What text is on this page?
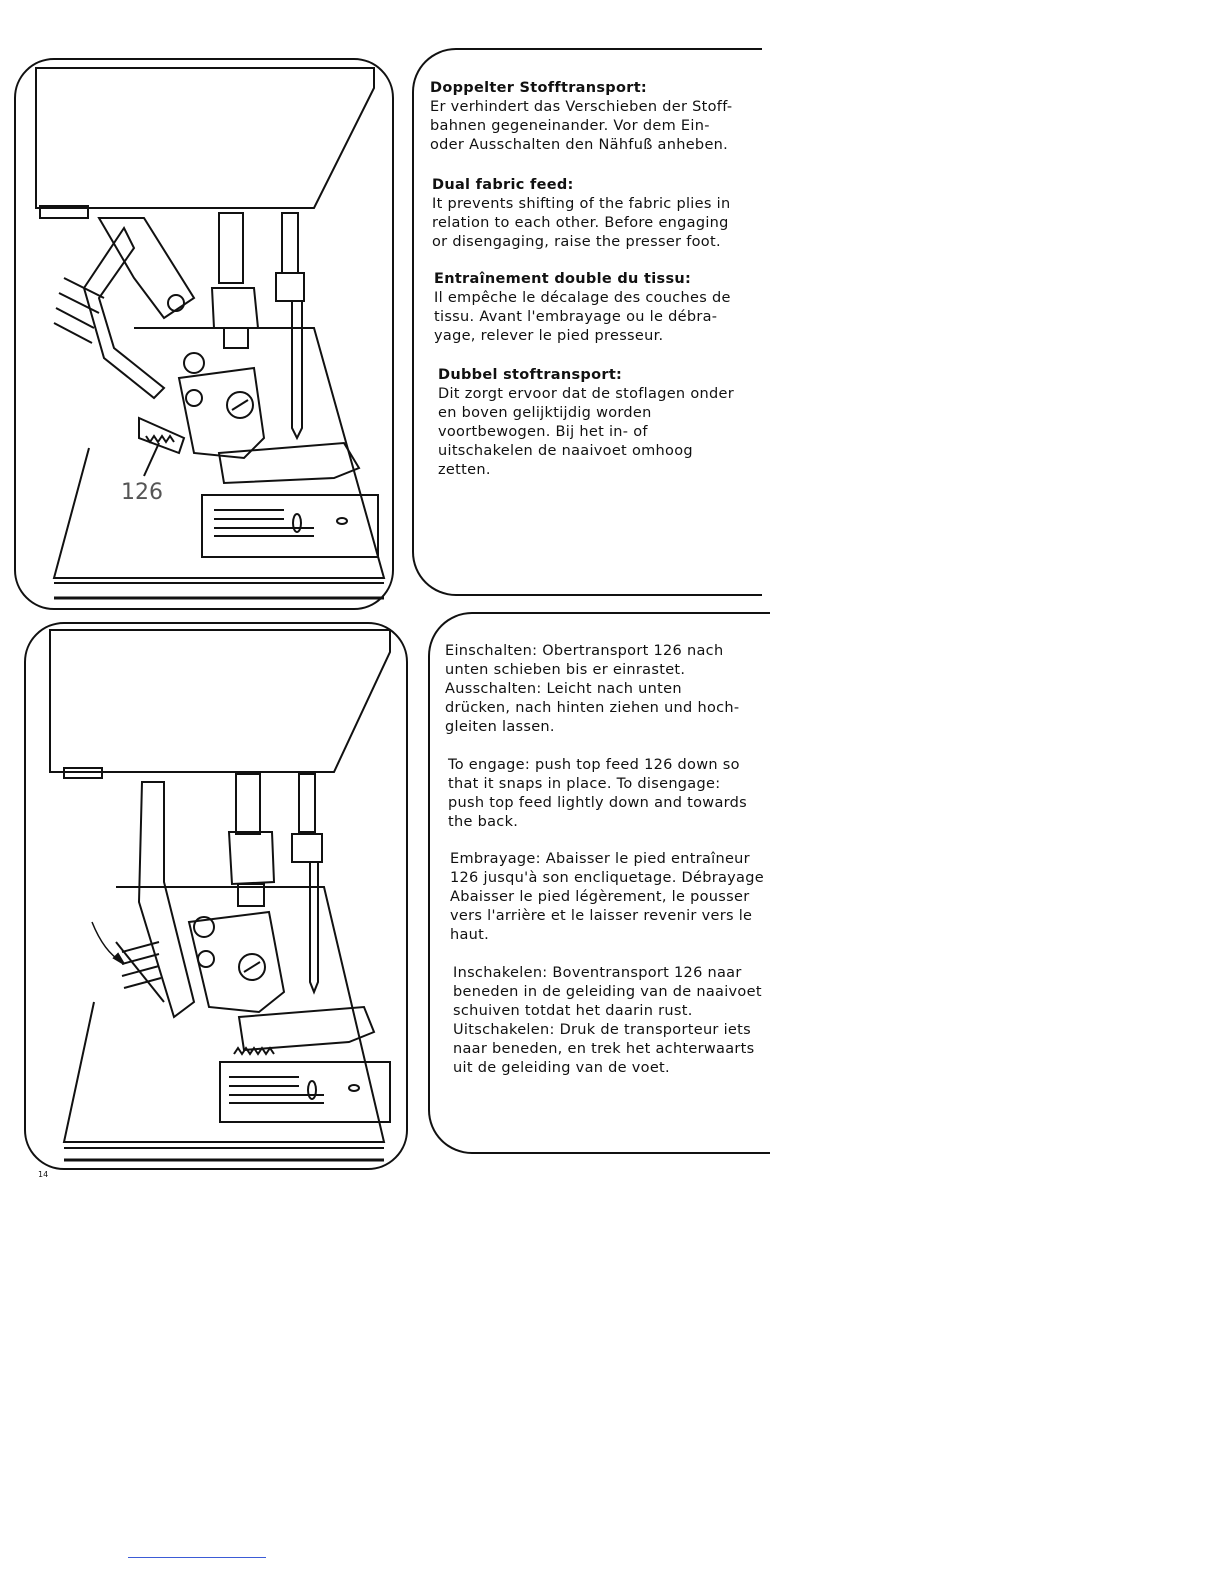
126
Doppelter Stofftransport:
Er verhindert das Verschieben der Stoff-
bahnen gegeneinander. Vor dem Ein-
oder Ausschalten den Nähfuß anheben.
Dual fabric feed:
It prevents shifting of the fabric plies in
relation to each other. Before engaging
or disengaging, raise the presser foot.
Entraînement double du tissu:
Il empêche le décalage des couches de
tissu. Avant l'embrayage ou le débra-
yage, relever le pied presseur.
Dubbel stoftransport:
Dit zorgt ervoor dat de stoflagen onder
en boven gelijktijdig worden
voortbewogen. Bij het in- of
uitschakelen de naaivoet omhoog
zetten.
Einschalten: Obertransport 126 nach
unten schieben bis er einrastet.
Ausschalten: Leicht nach unten
drücken, nach hinten ziehen und hoch-
gleiten lassen.
To engage: push top feed 126 down so
that it snaps in place. To disengage:
push top feed lightly down and towards
the back.
Embrayage: Abaisser le pied entraîneur
126 jusqu'à son encliquetage. Débrayage
Abaisser le pied légèrement, le pousser
vers l'arrière et le laisser revenir vers le
haut.
Inschakelen: Boventransport 126 naar
beneden in de geleiding van de naaivoet
schuiven totdat het daarin rust.
Uitschakelen: Druk de transporteur iets
naar beneden, en trek het achterwaarts
uit de geleiding van de voet.
14
